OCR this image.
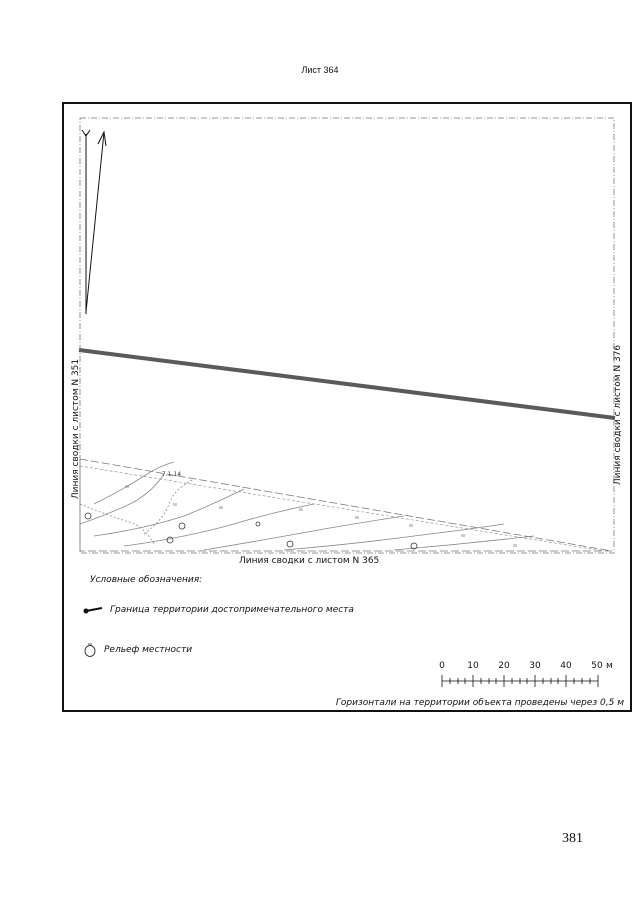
Лист 364
7.1.14
Линия сводки с листом N 351	Линия сводки с листом N 376
Линия сводки с листом N 365
Условные обозначения:
Граница территории достопримечательного места
Рельеф местности
0 10 20 30 40 50 м
Горизонтали на территории объекта проведены через 0,5 м
381
